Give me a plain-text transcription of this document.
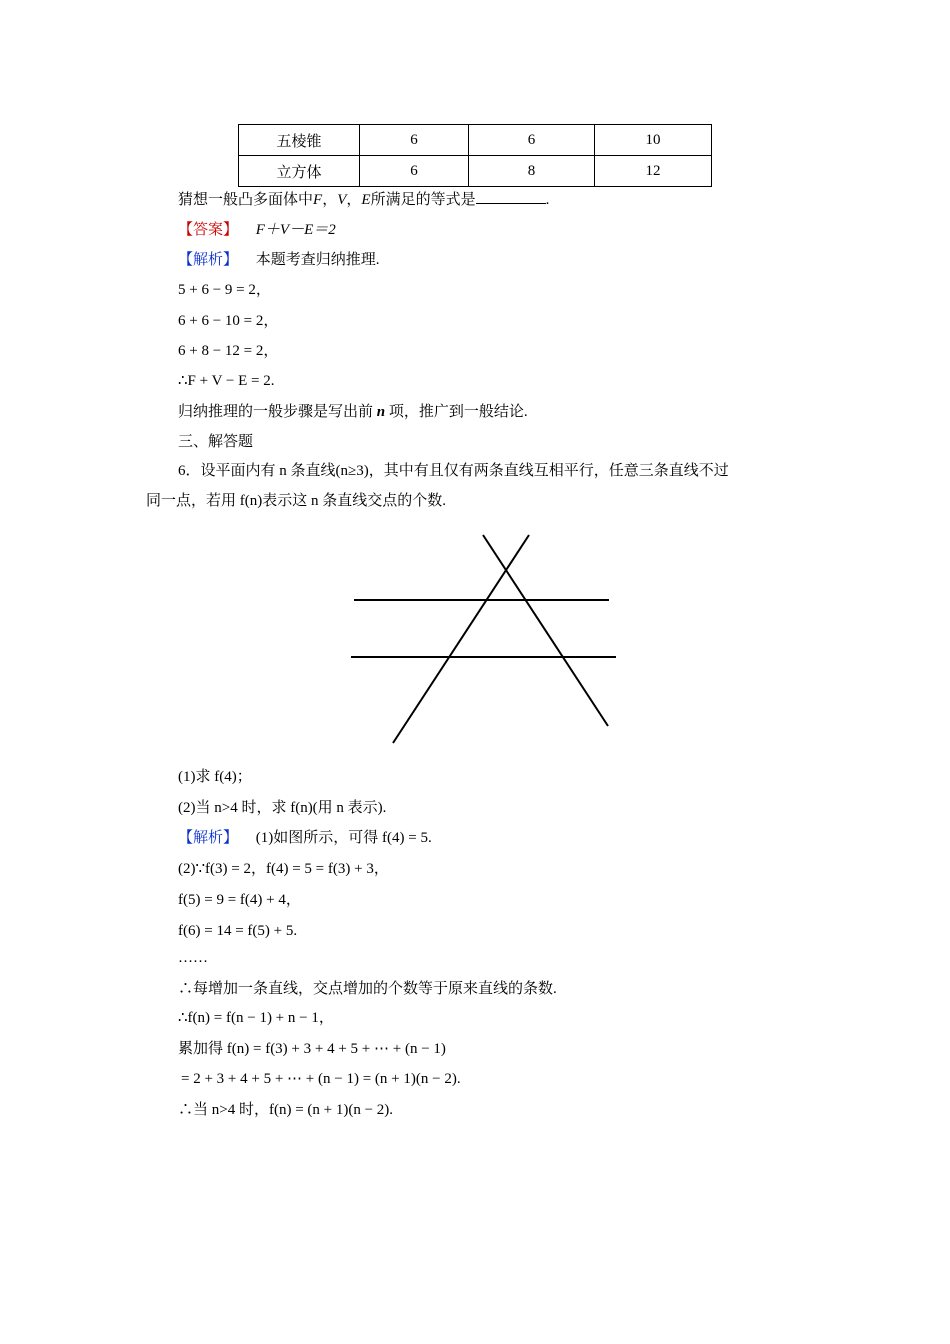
五棱锥	6	6	10
立方体	6	8	12
猜想一般凸多面体中F，V，E所满足的等式是	.
【答案】 F＋V－E＝2
【解析】 本题考查归纳推理.
5 + 6 − 9 = 2，
6 + 6 − 10 = 2，
6 + 8 − 12 = 2，
∴F + V − E = 2.
归纳推理的一般步骤是写出前 n 项，推广到一般结论.
三、解答题
6．设平面内有 n 条直线(n≥3)，其中有且仅有两条直线互相平行，任意三条直线不过
同一点，若用 f(n)表示这 n 条直线交点的个数.
(1)求 f(4)；
(2)当 n>4 时，求 f(n)(用 n 表示).
【解析】 (1)如图所示，可得 f(4) = 5.
(2)∵f(3) = 2，f(4) = 5 = f(3) + 3，
f(5) = 9 = f(4) + 4，
f(6) = 14 = f(5) + 5.
……
∴每增加一条直线，交点增加的个数等于原来直线的条数.
∴f(n) = f(n − 1) + n − 1，
累加得 f(n) = f(3) + 3 + 4 + 5 + ⋯ + (n − 1)
= 2 + 3 + 4 + 5 + ⋯ + (n − 1) = (n + 1)(n − 2).
∴当 n>4 时，f(n) = (n + 1)(n − 2).
